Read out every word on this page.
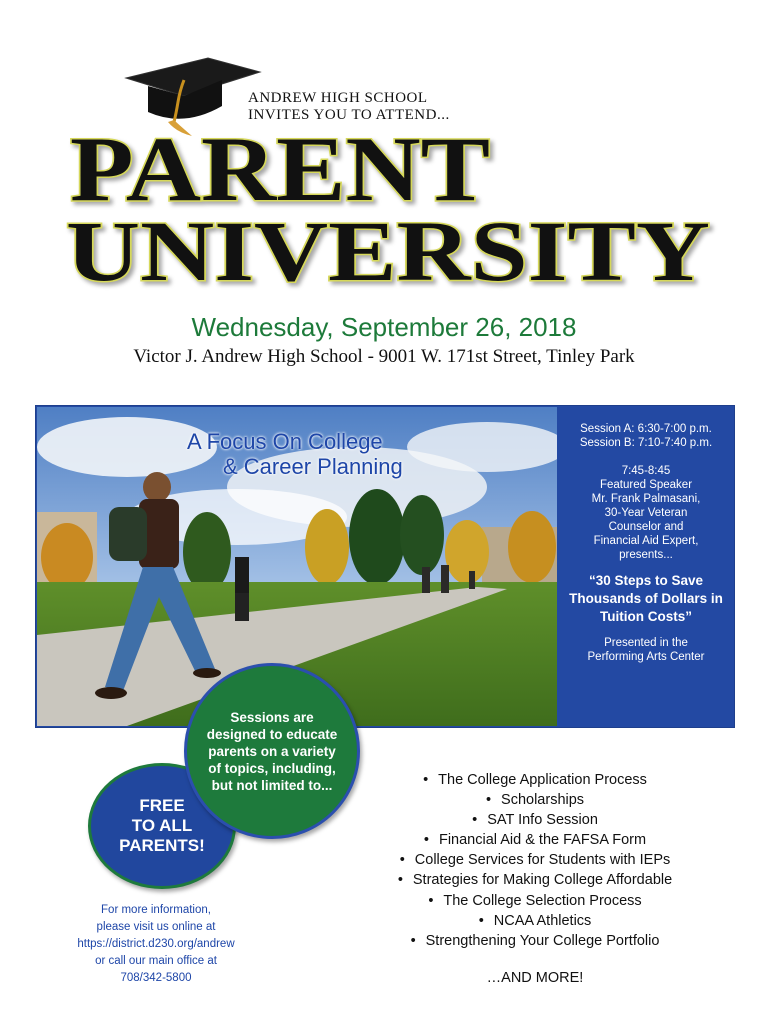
ANDREW HIGH SCHOOL
INVITES YOU TO ATTEND...
PARENT
UNIVERSITY
Wednesday, September 26, 2018
Victor J. Andrew High School - 9001 W. 171st Street, Tinley Park
A Focus On College
& Career Planning
Session A: 6:30-7:00 p.m.
Session B: 7:10-7:40 p.m.
7:45-8:45
Featured Speaker
Mr. Frank Palmasani,
30-Year Veteran
Counselor and
Financial Aid Expert,
presents...
“30 Steps to Save Thousands of Dollars in Tuition Costs”
Presented in the
Performing Arts Center
FREE
TO ALL
PARENTS!
Sessions are designed to educate parents on a variety of topics, including, but not limited to...
For more information,
please visit us online at
https://district.d230.org/andrew
or call our main office at
708/342-5800
• The College Application Process
• Scholarships
• SAT Info Session
• Financial Aid & the FAFSA Form
• College Services for Students with IEPs
• Strategies for Making College Affordable
• The College Selection Process
• NCAA Athletics
• Strengthening Your College Portfolio
…AND MORE!
